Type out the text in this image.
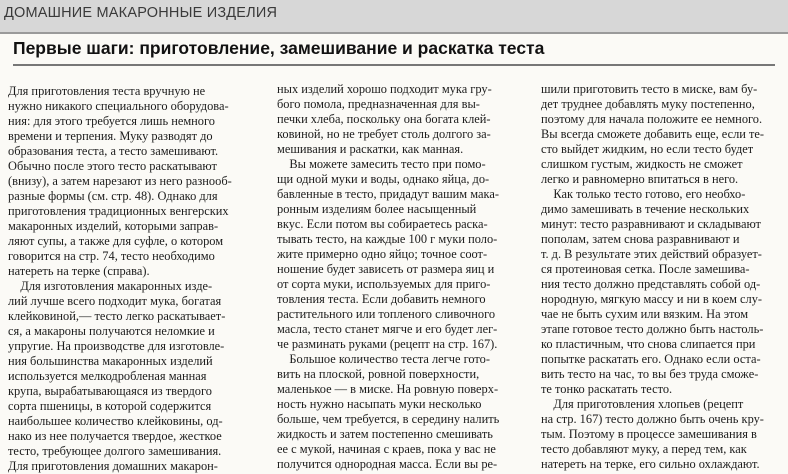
ДОМАШНИЕ МАКАРОННЫЕ ИЗДЕЛИЯ
Первые шаги: приготовление, замешивание и раскатка теста
Для приготовления теста вручную не
нужно никакого специального оборудова-
ния: для этого требуется лишь немного
времени и терпения. Муку разводят до
образования теста, а тесто замешивают.
Обычно после этого тесто раскатывают
(внизу), а затем нарезают из него разнооб-
разные формы (см. стр. 48). Однако для
приготовления традиционных венгерских
макаронных изделий, которыми заправ-
ляют супы, а также для суфле, о котором
говорится на стр. 74, тесто необходимо
натереть на терке (справа).
Для изготовления макаронных изде-
лий лучше всего подходит мука, богатая
клейковиной,— тесто легко раскатывает-
ся, а макароны получаются неломкие и
упругие. На производстве для изготовле-
ния большинства макаронных изделий
используется мелкодробленая манная
крупа, вырабатывающаяся из твердого
сорта пшеницы, в которой содержится
наибольшее количество клейковины, од-
нако из нее получается твердое, жесткое
тесто, требующее долгого замешивания.
Для приготовления домашних макарон-
ных изделий хорошо подходит мука гру-
бого помола, предназначенная для вы-
печки хлеба, поскольку она богата клей-
ковиной, но не требует столь долгого за-
мешивания и раскатки, как манная.
Вы можете замесить тесто при помо-
щи одной муки и воды, однако яйца, до-
бавленные в тесто, придадут вашим мака-
ронным изделиям более насыщенный
вкус. Если потом вы собираетесь раска-
тывать тесто, на каждые 100 г муки поло-
жите примерно одно яйцо; точное соот-
ношение будет зависеть от размера яиц и
от сорта муки, используемых для приго-
товления теста. Если добавить немного
растительного или топленого сливочного
масла, тесто станет мягче и его будет лег-
че разминать руками (рецепт на стр. 167).
Большое количество теста легче гото-
вить на плоской, ровной поверхности,
маленькое — в миске. На ровную поверх-
ность нужно насыпать муки несколько
больше, чем требуется, в середину налить
жидкость и затем постепенно смешивать
ее с мукой, начиная с краев, пока у вас не
получится однородная масса. Если вы ре-
шили приготовить тесто в миске, вам бу-
дет труднее добавлять муку постепенно,
поэтому для начала положите ее немного.
Вы всегда сможете добавить еще, если те-
сто выйдет жидким, но если тесто будет
слишком густым, жидкость не сможет
легко и равномерно впитаться в него.
Как только тесто готово, его необхо-
димо замешивать в течение нескольких
минут: тесто разравнивают и складывают
пополам, затем снова разравнивают и
т. д. В результате этих действий образует-
ся протеиновая сетка. После замешива-
ния тесто должно представлять собой од-
нородную, мягкую массу и ни в коем слу-
чае не быть сухим или вязким. На этом
этапе готовое тесто должно быть настоль-
ко пластичным, что снова слипается при
попытке раскатать его. Однако если оста-
вить тесто на час, то вы без труда сможе-
те тонко раскатать тесто.
Для приготовления хлопьев (рецепт
на стр. 167) тесто должно быть очень кру-
тым. Поэтому в процессе замешивания в
тесто добавляют муку, а перед тем, как
натереть на терке, его сильно охлаждают.
